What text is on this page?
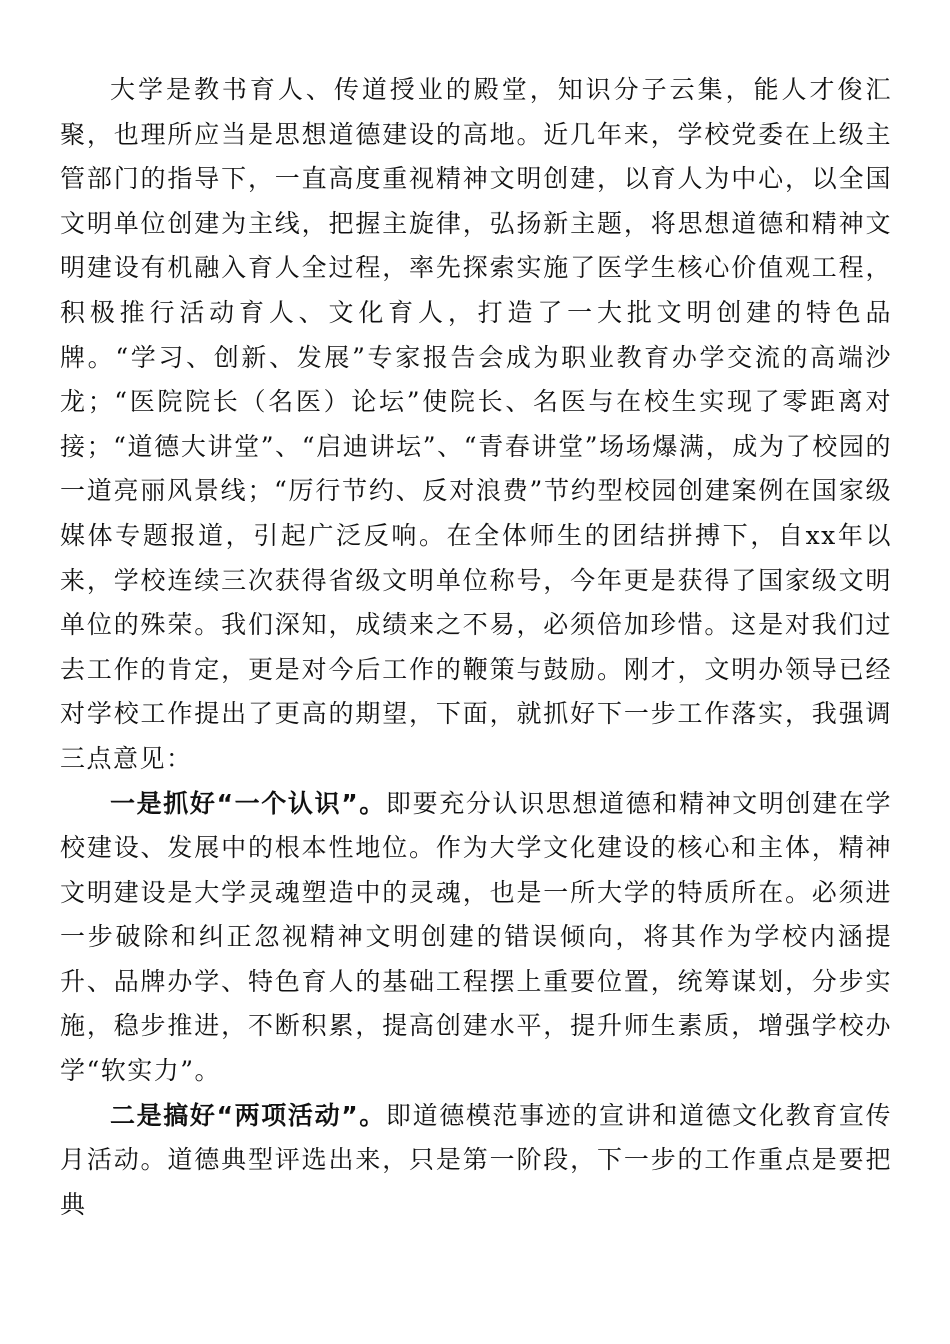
大学是教书育人、传道授业的殿堂，知识分子云集，能人才俊汇聚，也理所应当是思想道德建设的高地。近几年来，学校党委在上级主管部门的指导下，一直高度重视精神文明创建，以育人为中心，以全国文明单位创建为主线，把握主旋律，弘扬新主题，将思想道德和精神文明建设有机融入育人全过程，率先探索实施了医学生核心价值观工程，积极推行活动育人、文化育人，打造了一大批文明创建的特色品牌。“学习、创新、发展”专家报告会成为职业教育办学交流的高端沙龙；“医院院长（名医）论坛”使院长、名医与在校生实现了零距离对接；“道德大讲堂”、“启迪讲坛”、“青春讲堂”场场爆满，成为了校园的一道亮丽风景线；“厉行节约、反对浪费”节约型校园创建案例在国家级媒体专题报道，引起广泛反响。在全体师生的团结拼搏下，自xx年以来，学校连续三次获得省级文明单位称号，今年更是获得了国家级文明单位的殊荣。我们深知，成绩来之不易，必须倍加珍惜。这是对我们过去工作的肯定，更是对今后工作的鞭策与鼓励。刚才，文明办领导已经对学校工作提出了更高的期望，下面，就抓好下一步工作落实，我强调三点意见：

一是抓好“一个认识”。即要充分认识思想道德和精神文明创建在学校建设、发展中的根本性地位。作为大学文化建设的核心和主体，精神文明建设是大学灵魂塑造中的灵魂，也是一所大学的特质所在。必须进一步破除和纠正忽视精神文明创建的错误倾向，将其作为学校内涵提升、品牌办学、特色育人的基础工程摆上重要位置，统筹谋划，分步实施，稳步推进，不断积累，提高创建水平，提升师生素质，增强学校办学“软实力”。

二是搞好“两项活动”。即道德模范事迹的宣讲和道德文化教育宣传月活动。道德典型评选出来，只是第一阶段，下一步的工作重点是要把典
